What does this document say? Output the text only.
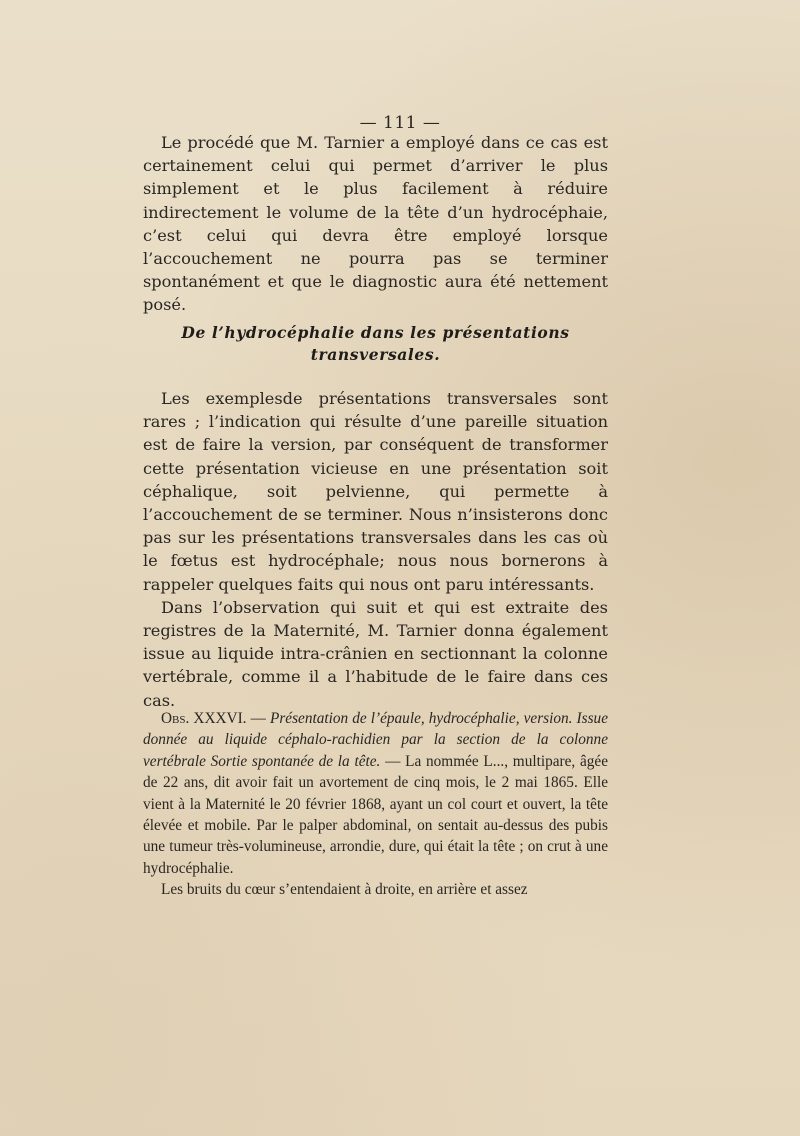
— 111 —

Le procédé que M. Tarnier a employé dans ce cas est certainement celui qui permet d’arriver le plus simplement et le plus facilement à réduire indirectement le volume de la tête d’un hydrocéphaie, c’est celui qui devra être employé lorsque l’accouchement ne pourra pas se terminer spontanément et que le diagnostic aura été nettement posé.

De l’hydrocéphalie dans les présentations transversales.

Les exemplesde présentations transversales sont rares ; l’indication qui résulte d’une pareille situation est de faire la version, par conséquent de transformer cette présentation vicieuse en une présentation soit céphalique, soit pelvienne, qui permette à l’accouchement de se terminer. Nous n’insisterons donc pas sur les présentations transversales dans les cas où le fœtus est hydrocéphale; nous nous bornerons à rappeler quelques faits qui nous ont paru intéressants.

Dans l’observation qui suit et qui est extraite des registres de la Maternité, M. Tarnier donna également issue au liquide intra-crânien en sectionnant la colonne vertébrale, comme il a l’habitude de le faire dans ces cas.

Obs. XXXVI. — Présentation de l’épaule, hydrocéphalie, version. Issue donnée au liquide céphalo-rachidien par la section de la colonne vertébrale Sortie spontanée de la tête. — La nommée L..., multipare, âgée de 22 ans, dit avoir fait un avortement de cinq mois, le 2 mai 1865. Elle vient à la Maternité le 20 février 1868, ayant un col court et ouvert, la tête élevée et mobile. Par le palper abdominal, on sentait au-dessus des pubis une tumeur très-volumineuse, arrondie, dure, qui était la tête ; on crut à une hydrocéphalie.

Les bruits du cœur s’entendaient à droite, en arrière et assez
